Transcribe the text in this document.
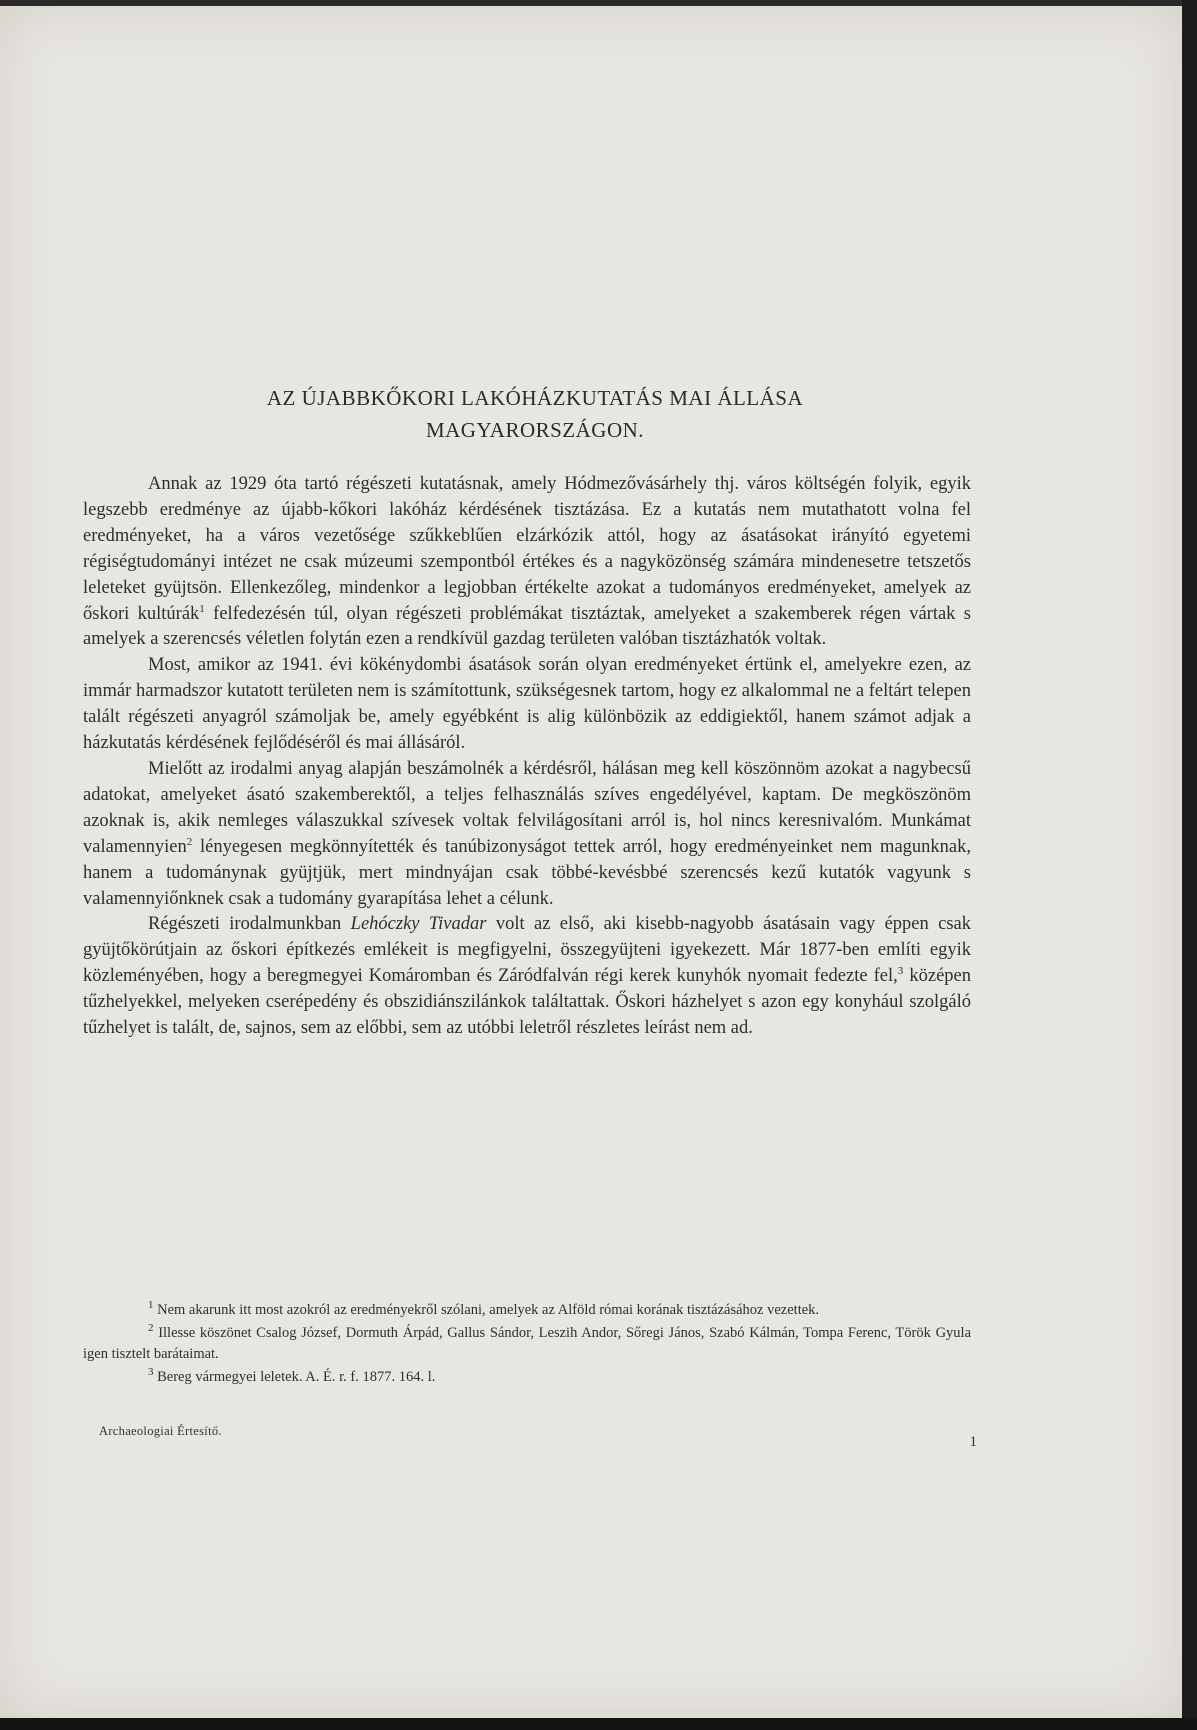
AZ ÚJABBKŐKORI LAKÓHÁZKUTATÁS MAI ÁLLÁSA
MAGYARORSZÁGON.

Annak az 1929 óta tartó régészeti kutatásnak, amely Hódmezővásárhely thj. város költségén folyik, egyik legszebb eredménye az újabb-kőkori lakóház kérdésének tisztázása. Ez a kutatás nem mutathatott volna fel eredményeket, ha a város vezetősége szűkkeblűen elzárkózik attól, hogy az ásatásokat irányító egyetemi régiségtudományi intézet ne csak múzeumi szempontból értékes és a nagyközönség számára mindenesetre tetszetős leleteket gyüjtsön. Ellenkezőleg, mindenkor a legjobban értékelte azokat a tudományos eredményeket, amelyek az őskori kultúrák$^1$ felfedezésén túl, olyan régészeti problémákat tisztáztak, amelyeket a szakemberek régen vártak s amelyek a szerencsés véletlen folytán ezen a rendkívül gazdag területen valóban tisztázhatók voltak.

Most, amikor az 1941. évi kökénydombi ásatások során olyan eredményeket értünk el, amelyekre ezen, az immár harmadszor kutatott területen nem is számítottunk, szükségesnek tartom, hogy ez alkalommal ne a feltárt telepen talált régészeti anyagról számoljak be, amely egyébként is alig különbözik az eddigiektől, hanem számot adjak a házkutatás kérdésének fejlődéséről és mai állásáról.

Mielőtt az irodalmi anyag alapján beszámolnék a kérdésről, hálásan meg kell köszönnöm azokat a nagybecsű adatokat, amelyeket ásató szakemberektől, a teljes felhasználás szíves engedélyével, kaptam. De megköszönöm azoknak is, akik nemleges válaszukkal szívesek voltak felvilágosítani arról is, hol nincs keresnivalóm. Munkámat valamennyien$^2$ lényegesen megkönnyítették és tanúbizonyságot tettek arról, hogy eredményeinket nem magunknak, hanem a tudománynak gyüjtjük, mert mindnyájan csak többé-kevésbbé szerencsés kezű kutatók vagyunk s valamennyiőnknek csak a tudomány gyarapítása lehet a célunk.

Régészeti irodalmunkban Lehóczky Tivadar volt az első, aki kisebb-nagyobb ásatásain vagy éppen csak gyüjtőkörútjain az őskori építkezés emlékeit is megfigyelni, összegyüjteni igyekezett. Már 1877-ben említi egyik közleményében, hogy a beregmegyei Komáromban és Záródfalván régi kerek kunyhók nyomait fedezte fel,$^3$ középen tűzhelyekkel, melyeken cserépedény és obszidiánszilánkok találtattak. Őskori házhelyet s azon egy konyhául szolgáló tűzhelyet is talált, de, sajnos, sem az előbbi, sem az utóbbi leletről részletes leírást nem ad.

$^1$ Nem akarunk itt most azokról az eredményekről szólani, amelyek az Alföld római korának tisztázásához vezettek.

$^2$ Illesse köszönet Csalog József, Dormuth Árpád, Gallus Sándor, Leszih Andor, Sőregi János, Szabó Kálmán, Tompa Ferenc, Török Gyula igen tisztelt barátaimat.

$^3$ Bereg vármegyei leletek. A. É. r. f. 1877. 164. l.

Archaeologiai Értesítő.
1
